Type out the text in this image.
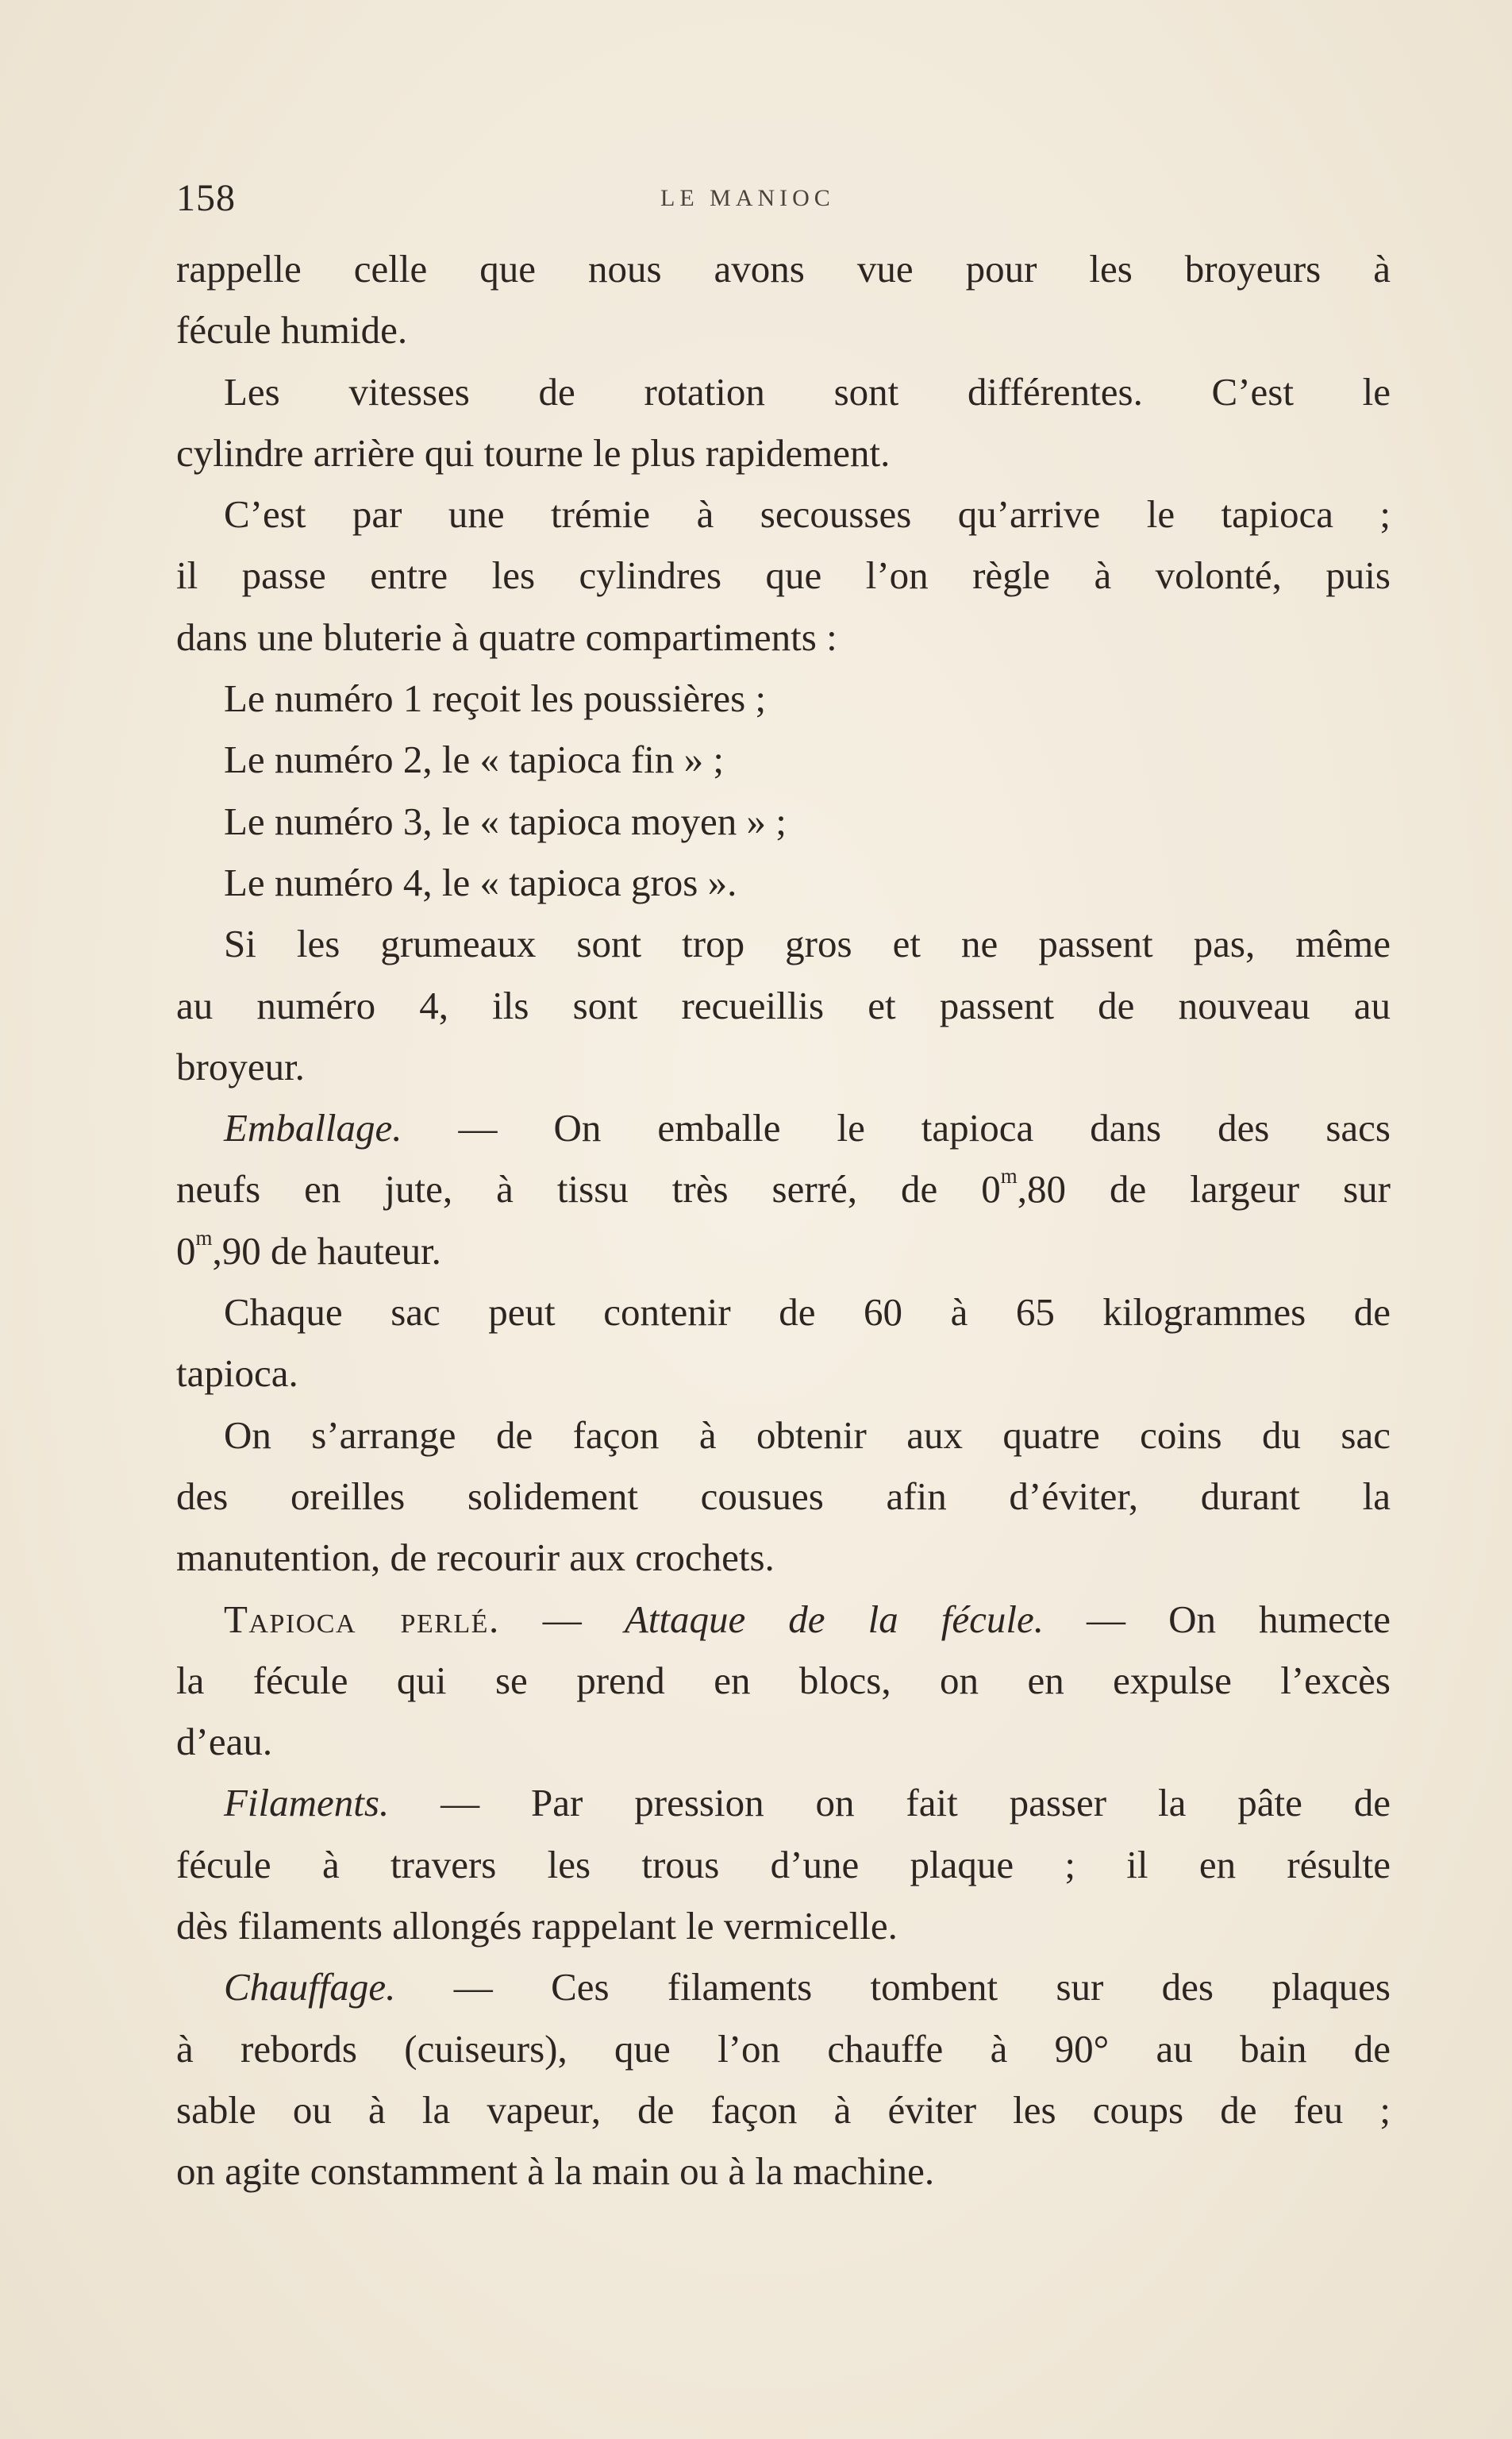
158	LE MANIOC
rappelle celle que nous avons vue pour les broyeurs à
fécule humide.
Les vitesses de rotation sont différentes. C’est le
cylindre arrière qui tourne le plus rapidement.
C’est par une trémie à secousses qu’arrive le tapioca ;
il passe entre les cylindres que l’on règle à volonté, puis
dans une bluterie à quatre compartiments :
Le numéro 1 reçoit les poussières ;
Le numéro 2, le « tapioca fin » ;
Le numéro 3, le « tapioca moyen » ;
Le numéro 4, le « tapioca gros ».
Si les grumeaux sont trop gros et ne passent pas, même
au numéro 4, ils sont recueillis et passent de nouveau au
broyeur.
Emballage. — On emballe le tapioca dans des sacs
neufs en jute, à tissu très serré, de 0$^m$,80 de largeur sur
0$^m$,90 de hauteur.
Chaque sac peut contenir de 60 à 65 kilogrammes de
tapioca.
On s’arrange de façon à obtenir aux quatre coins du sac
des oreilles solidement cousues afin d’éviter, durant la
manutention, de recourir aux crochets.
Tapioca perlé. — Attaque de la fécule. — On humecte
la fécule qui se prend en blocs, on en expulse l’excès
d’eau.
Filaments. — Par pression on fait passer la pâte de
fécule à travers les trous d’une plaque ; il en résulte
dès filaments allongés rappelant le vermicelle.
Chauffage. — Ces filaments tombent sur des plaques
à rebords (cuiseurs), que l’on chauffe à 90° au bain de
sable ou à la vapeur, de façon à éviter les coups de feu ;
on agite constamment à la main ou à la machine.
